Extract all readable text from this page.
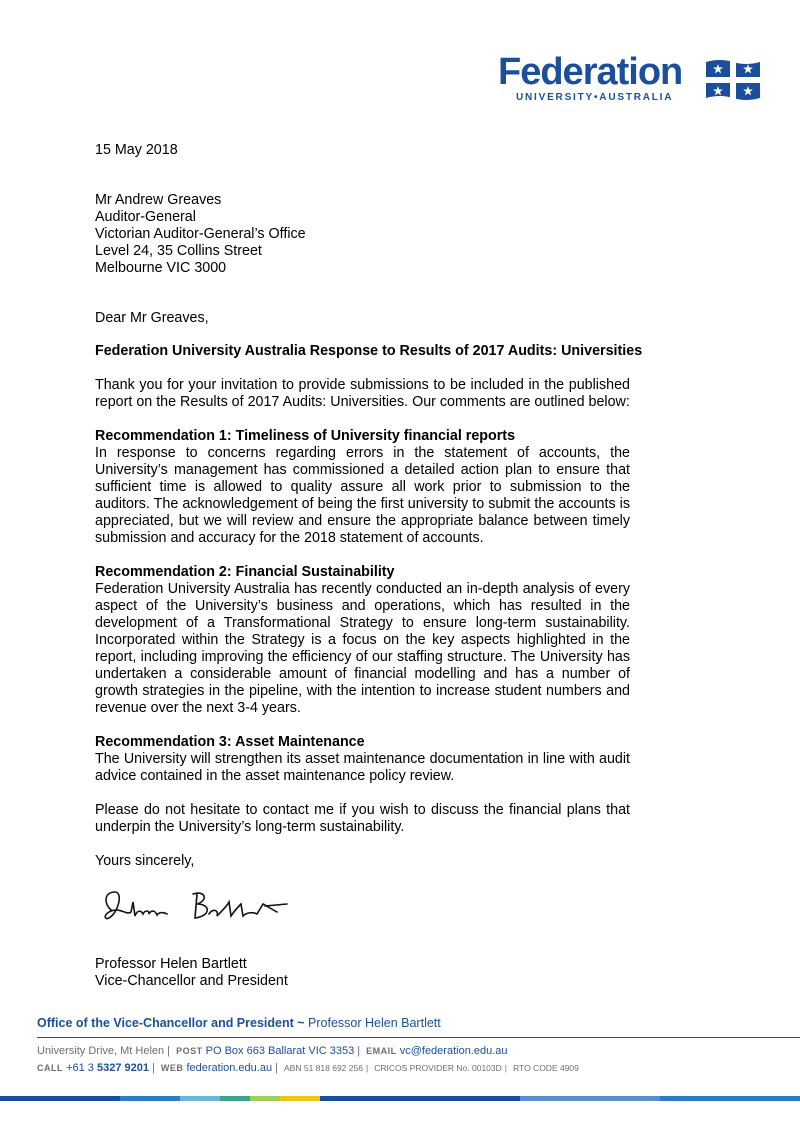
Federation
UNIVERSITY•AUSTRALIA

15 May 2018

Mr Andrew Greaves
Auditor-General
Victorian Auditor-General’s Office
Level 24, 35 Collins Street
Melbourne VIC 3000

Dear Mr Greaves,

Federation University Australia Response to Results of 2017 Audits: Universities

Thank you for your invitation to provide submissions to be included in the published report on the Results of 2017 Audits: Universities. Our comments are outlined below:

Recommendation 1: Timeliness of University financial reports

In response to concerns regarding errors in the statement of accounts, the University’s management has commissioned a detailed action plan to ensure that sufficient time is allowed to quality assure all work prior to submission to the auditors. The acknowledgement of being the first university to submit the accounts is appreciated, but we will review and ensure the appropriate balance between timely submission and accuracy for the 2018 statement of accounts.

Recommendation 2: Financial Sustainability

Federation University Australia has recently conducted an in-depth analysis of every aspect of the University’s business and operations, which has resulted in the development of a Transformational Strategy to ensure long-term sustainability. Incorporated within the Strategy is a focus on the key aspects highlighted in the report, including improving the efficiency of our staffing structure. The University has undertaken a considerable amount of financial modelling and has a number of growth strategies in the pipeline, with the intention to increase student numbers and revenue over the next 3-4 years.

Recommendation 3: Asset Maintenance

The University will strengthen its asset maintenance documentation in line with audit advice contained in the asset maintenance policy review.

Please do not hesitate to contact me if you wish to discuss the financial plans that underpin the University’s long-term sustainability.

Yours sincerely,

Professor Helen Bartlett

Vice-Chancellor and President

Office of the Vice-Chancellor and President ~ Professor Helen Bartlett
University Drive, Mt Helen | POST PO Box 663 Ballarat VIC 3353 | EMAIL vc@federation.edu.au
CALL +61 3 5327 9201 | WEB federation.edu.au | ABN 51 818 692 256 | CRICOS PROVIDER No. 00103D | RTO CODE 4909
